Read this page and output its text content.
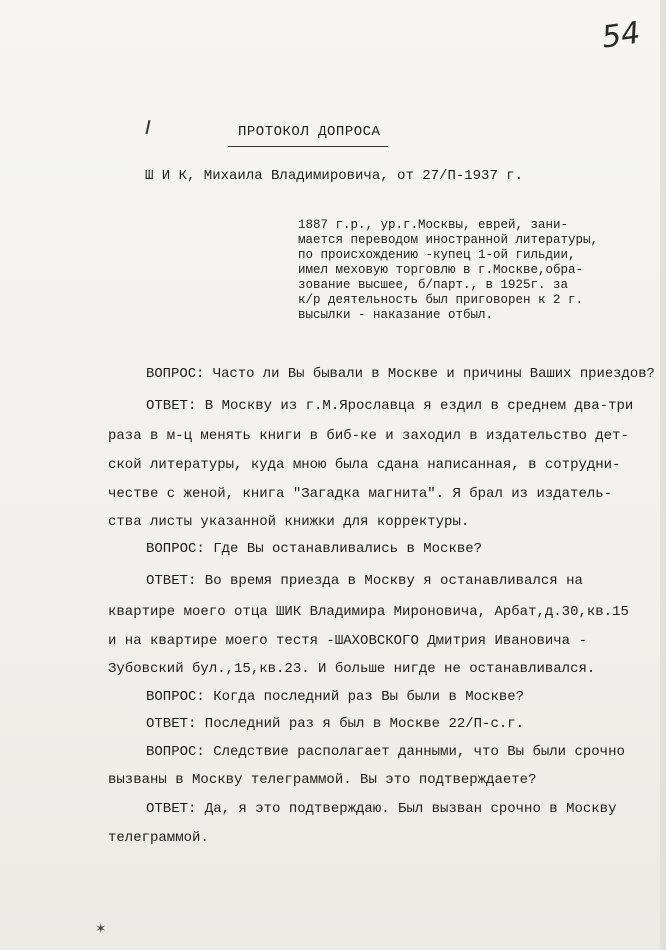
54
ПРОТОКОЛ ДОПРОСА
Ш И К, Михаила Владимировича, от 27/П-1937 г.
1887 г.р., ур.г.Москвы, еврей, зани-
мается переводом иностранной литературы,
по происхождению -купец 1-ой гильдии,
имел меховую торговлю в г.Москве,обра-
зование высшее, б/парт., в 1925г. за
к/р деятельность был приговорен к 2 г.
высылки - наказание отбыл.
ВОПРОС: Часто ли Вы бывали в Москве и причины Ваших приездов?
ОТВЕТ: В Москву из г.М.Ярославца я ездил в среднем два-три
раза в м-ц менять книги в биб-ке и заходил в издательство дет-
ской литературы, куда мною была сдана написанная, в сотрудни-
честве с женой, книга "Загадка магнита". Я брал из издатель-
ства листы указанной книжки для корректуры.
ВОПРОС: Где Вы останавливались в Москве?
ОТВЕТ: Во время приезда в Москву я останавливался на
квартире моего отца ШИК Владимира Мироновича, Арбат,д.30,кв.15
и на квартире моего тестя -ШАХОВСКОГО Дмитрия Ивановича -
Зубовский бул.,15,кв.23. И больше нигде не останавливался.
ВОПРОС: Когда последний раз Вы были в Москве?
ОТВЕТ: Последний раз я был в Москве 22/П-с.г.
ВОПРОС: Следствие располагает данными, что Вы были срочно
вызваны в Москву телеграммой. Вы это подтверждаете?
ОТВЕТ: Да, я это подтверждаю. Был вызван срочно в Москву
телеграммой.
✶
